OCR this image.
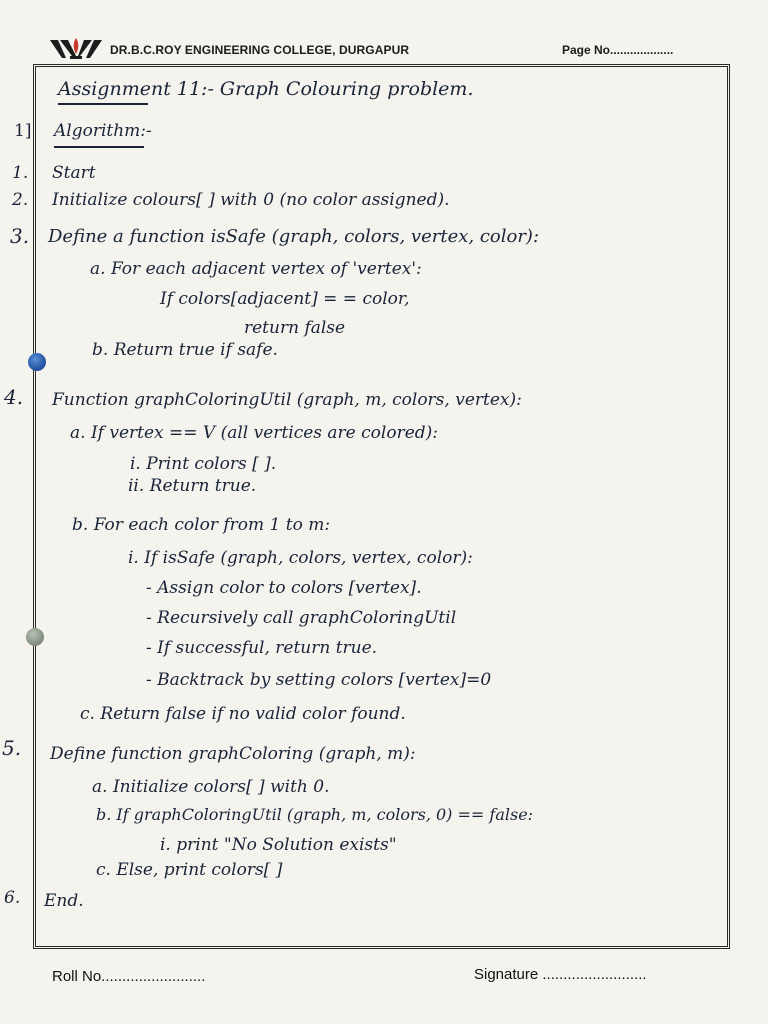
DR.B.C.ROY ENGINEERING COLLEGE, DURGAPUR	Page No...................
Assignment 11:- Graph Colouring problem.
1] Algorithm:-
1. Start
2. Initialize colours[ ] with 0 (no color assigned).
3. Define a function isSafe (graph, colors, vertex, color):
a. For each adjacent vertex of 'vertex':
If colors[adjacent] = = color,
return false
b. Return true if safe.
4. Function graphColoringUtil (graph, m, colors, vertex):
a. If vertex == V (all vertices are colored):
i. Print colors [ ].
ii. Return true.
b. For each color from 1 to m:
i. If isSafe (graph, colors, vertex, color):
- Assign color to colors [vertex].
- Recursively call graphColoringUtil
- If successful, return true.
- Backtrack by setting colors [vertex]=0
c. Return false if no valid color found.
5. Define function graphColoring (graph, m):
a. Initialize colors[ ] with 0.
b. If graphColoringUtil (graph, m, colors, 0) == false:
i. print "No Solution exists"
c. Else, print colors[ ]
6. End.
Roll No.........................	Signature .........................
